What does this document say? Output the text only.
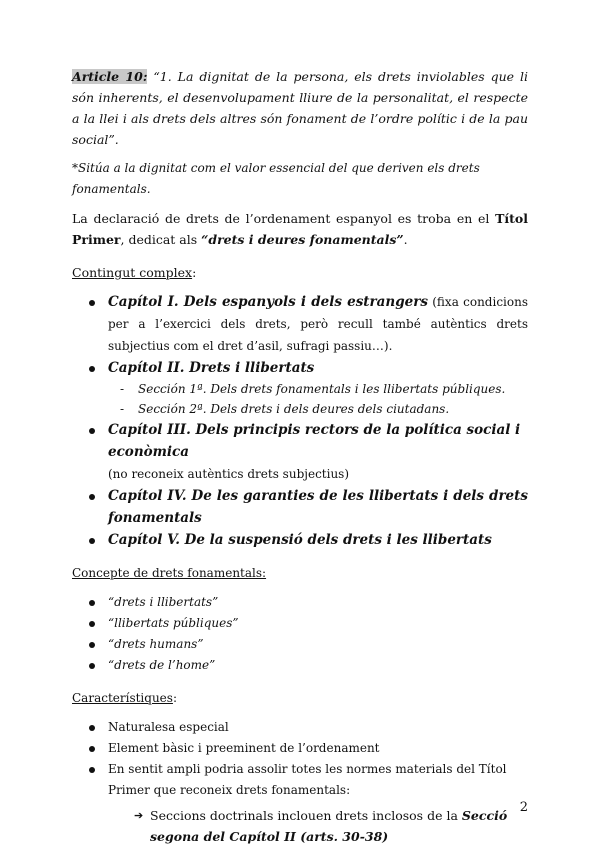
Article 10: “1. La dignitat de la persona, els drets inviolables que li són inherents, el desenvolupament lliure de la personalitat, el respecte a la llei i als drets dels altres són fonament de l’ordre polític i de la pau social”.

*Sitúa a la dignitat com el valor essencial del que deriven els drets fonamentals.

La declaració de drets de l’ordenament espanyol es troba en el Títol Primer, dedicat als “drets i deures fonamentals”.

Contingut complex:

Capítol I. Dels espanyols i dels estrangers (fixa condicions per a l’exercici dels drets, però recull també autèntics drets subjectius com el dret d’asil, sufragi passiu…).
Capítol II. Drets i llibertats
- Sección 1ª. Dels drets fonamentals i les llibertats públiques.
- Sección 2ª. Dels drets i dels deures dels ciutadans.
Capítol III. Dels principis rectors de la política social i econòmica
(no reconeix autèntics drets subjectius)
Capítol IV. De les garanties de les llibertats i dels drets fonamentals
Capítol V. De la suspensió dels drets i les llibertats

Concepte de drets fonamentals:

“drets i llibertats”
“llibertats públiques”
“drets humans”
“drets de l’home”

Característiques:

Naturalesa especial
Element bàsic i preeminent de l’ordenament
En sentit ampli podria assolir totes les normes materials del Títol Primer que reconeix drets fonamentals:

➔ Seccions doctrinals inclouen drets inclosos de la Secció segona del Capítol II (arts. 30-38)

2
